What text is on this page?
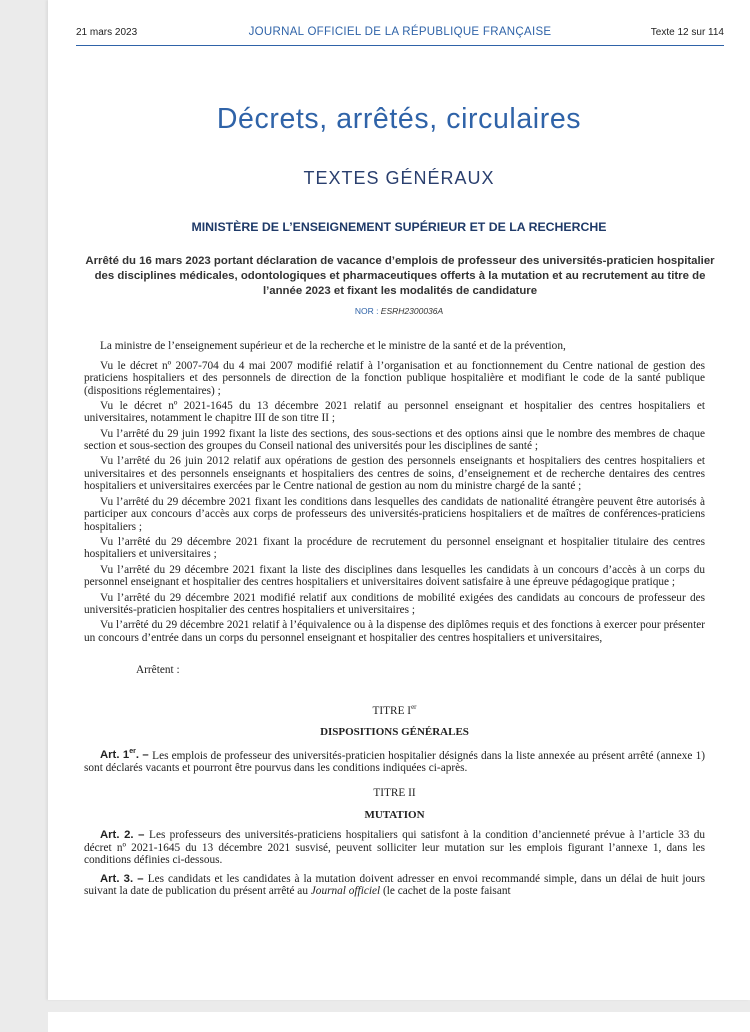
21 mars 2023	JOURNAL OFFICIEL DE LA RÉPUBLIQUE FRANÇAISE	Texte 12 sur 114
Décrets, arrêtés, circulaires
TEXTES GÉNÉRAUX
MINISTÈRE DE L’ENSEIGNEMENT SUPÉRIEUR ET DE LA RECHERCHE
Arrêté du 16 mars 2023 portant déclaration de vacance d’emplois de professeur des universités-praticien hospitalier des disciplines médicales, odontologiques et pharmaceutiques offerts à la mutation et au recrutement au titre de l’année 2023 et fixant les modalités de candidature
NOR : ESRH2300036A

La ministre de l’enseignement supérieur et de la recherche et le ministre de la santé et de la prévention,

Vu le décret nº 2007-704 du 4 mai 2007 modifié relatif à l’organisation et au fonctionnement du Centre national de gestion des praticiens hospitaliers et des personnels de direction de la fonction publique hospitalière et modifiant le code de la santé publique (dispositions réglementaires) ;

Vu le décret nº 2021-1645 du 13 décembre 2021 relatif au personnel enseignant et hospitalier des centres hospitaliers et universitaires, notamment le chapitre III de son titre II ;

Vu l’arrêté du 29 juin 1992 fixant la liste des sections, des sous-sections et des options ainsi que le nombre des membres de chaque section et sous-section des groupes du Conseil national des universités pour les disciplines de santé ;

Vu l’arrêté du 26 juin 2012 relatif aux opérations de gestion des personnels enseignants et hospitaliers des centres hospitaliers et universitaires et des personnels enseignants et hospitaliers des centres de soins, d’enseignement et de recherche dentaires des centres hospitaliers et universitaires exercées par le Centre national de gestion au nom du ministre chargé de la santé ;

Vu l’arrêté du 29 décembre 2021 fixant les conditions dans lesquelles des candidats de nationalité étrangère peuvent être autorisés à participer aux concours d’accès aux corps de professeurs des universités-praticiens hospitaliers et de maîtres de conférences-praticiens hospitaliers ;

Vu l’arrêté du 29 décembre 2021 fixant la procédure de recrutement du personnel enseignant et hospitalier titulaire des centres hospitaliers et universitaires ;

Vu l’arrêté du 29 décembre 2021 fixant la liste des disciplines dans lesquelles les candidats à un concours d’accès à un corps du personnel enseignant et hospitalier des centres hospitaliers et universitaires doivent satisfaire à une épreuve pédagogique pratique ;

Vu l’arrêté du 29 décembre 2021 modifié relatif aux conditions de mobilité exigées des candidats au concours de professeur des universités-praticien hospitalier des centres hospitaliers et universitaires ;

Vu l’arrêté du 29 décembre 2021 relatif à l’équivalence ou à la dispense des diplômes requis et des fonctions à exercer pour présenter un concours d’entrée dans un corps du personnel enseignant et hospitalier des centres hospitaliers et universitaires,

Arrêtent :

TITRE Ier

DISPOSITIONS GÉNÉRALES

Art. 1er. – Les emplois de professeur des universités-praticien hospitalier désignés dans la liste annexée au présent arrêté (annexe 1) sont déclarés vacants et pourront être pourvus dans les conditions indiquées ci-après.

TITRE II

MUTATION

Art. 2. – Les professeurs des universités-praticiens hospitaliers qui satisfont à la condition d’ancienneté prévue à l’article 33 du décret nº 2021-1645 du 13 décembre 2021 susvisé, peuvent solliciter leur mutation sur les emplois figurant l’annexe 1, dans les conditions définies ci-dessous.

Art. 3. – Les candidats et les candidates à la mutation doivent adresser en envoi recommandé simple, dans un délai de huit jours suivant la date de publication du présent arrêté au Journal officiel (le cachet de la poste faisant
